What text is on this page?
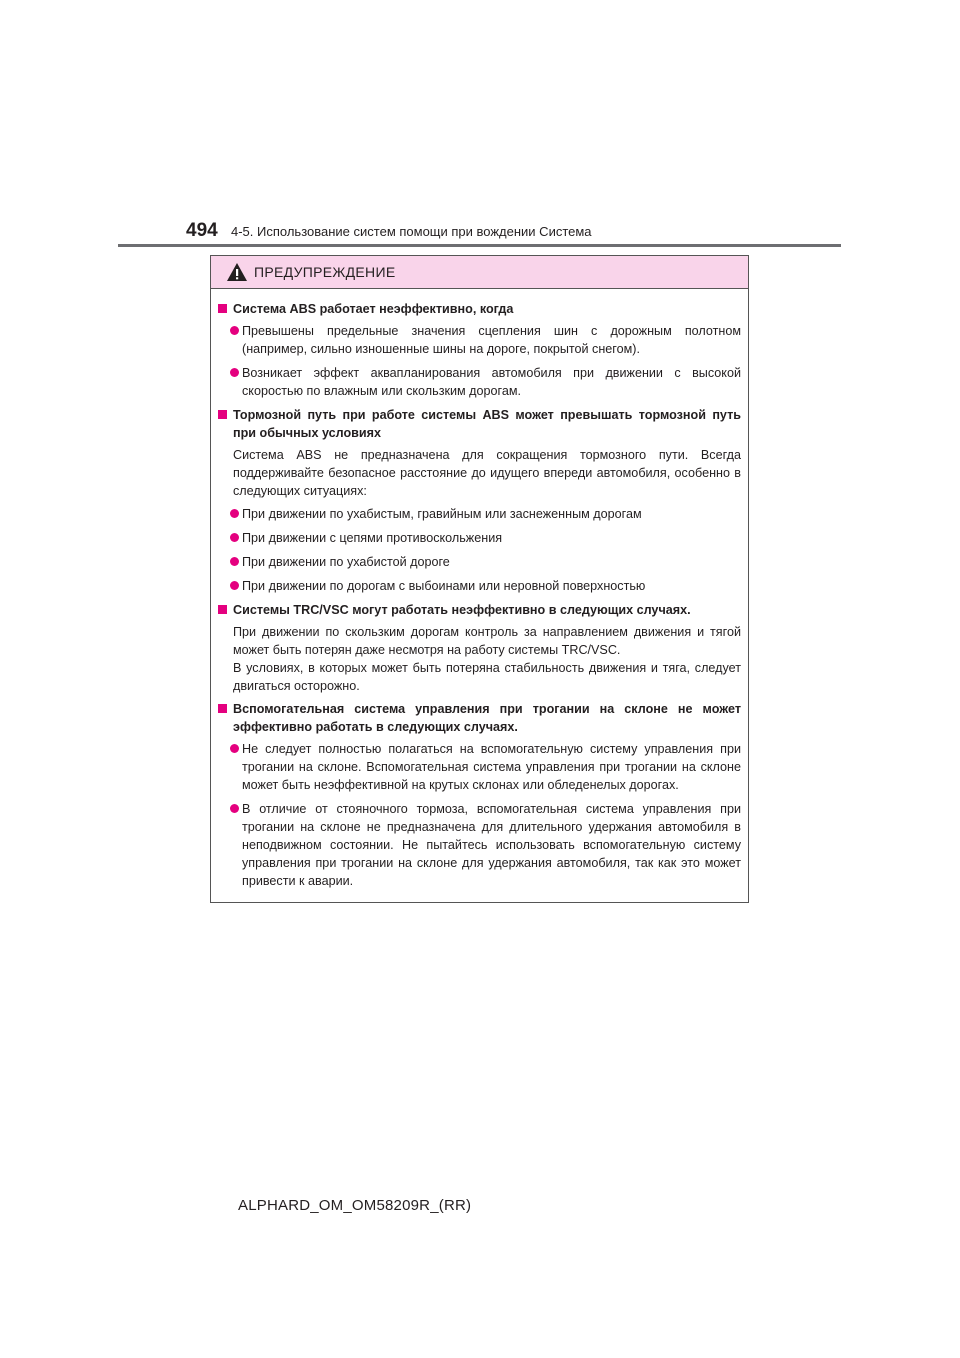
494 4-5. Использование систем помощи при вождении Система
ПРЕДУПРЕЖДЕНИЕ
Система ABS работает неэффективно, когда
Превышены предельные значения сцепления шин с дорожным полотном (например, сильно изношенные шины на дороге, покрытой снегом).
Возникает эффект аквапланирования автомобиля при движении с высокой скоростью по влажным или скользким дорогам.
Тормозной путь при работе системы ABS может превышать тормозной путь при обычных условиях
Система ABS не предназначена для сокращения тормозного пути. Всегда поддерживайте безопасное расстояние до идущего впереди автомобиля, особенно в следующих ситуациях:
При движении по ухабистым, гравийным или заснеженным дорогам
При движении с цепями противоскольжения
При движении по ухабистой дороге
При движении по дорогам с выбоинами или неровной поверхностью
Системы TRC/VSC могут работать неэффективно в следующих случаях.
При движении по скользким дорогам контроль за направлением движения и тягой может быть потерян даже несмотря на работу системы TRC/VSC.
В условиях, в которых может быть потеряна стабильность движения и тяга, следует двигаться осторожно.
Вспомогательная система управления при трогании на склоне не может эффективно работать в следующих случаях.
Не следует полностью полагаться на вспомогательную систему управления при трогании на склоне. Вспомогательная система управления при трогании на склоне может быть неэффективной на крутых склонах или обледенелых дорогах.
В отличие от стояночного тормоза, вспомогательная система управления при трогании на склоне не предназначена для длительного удержания автомобиля в неподвижном состоянии. Не пытайтесь использовать вспомогательную систему управления при трогании на склоне для удержания автомобиля, так как это может привести к аварии.
ALPHARD_OM_OM58209R_(RR)
